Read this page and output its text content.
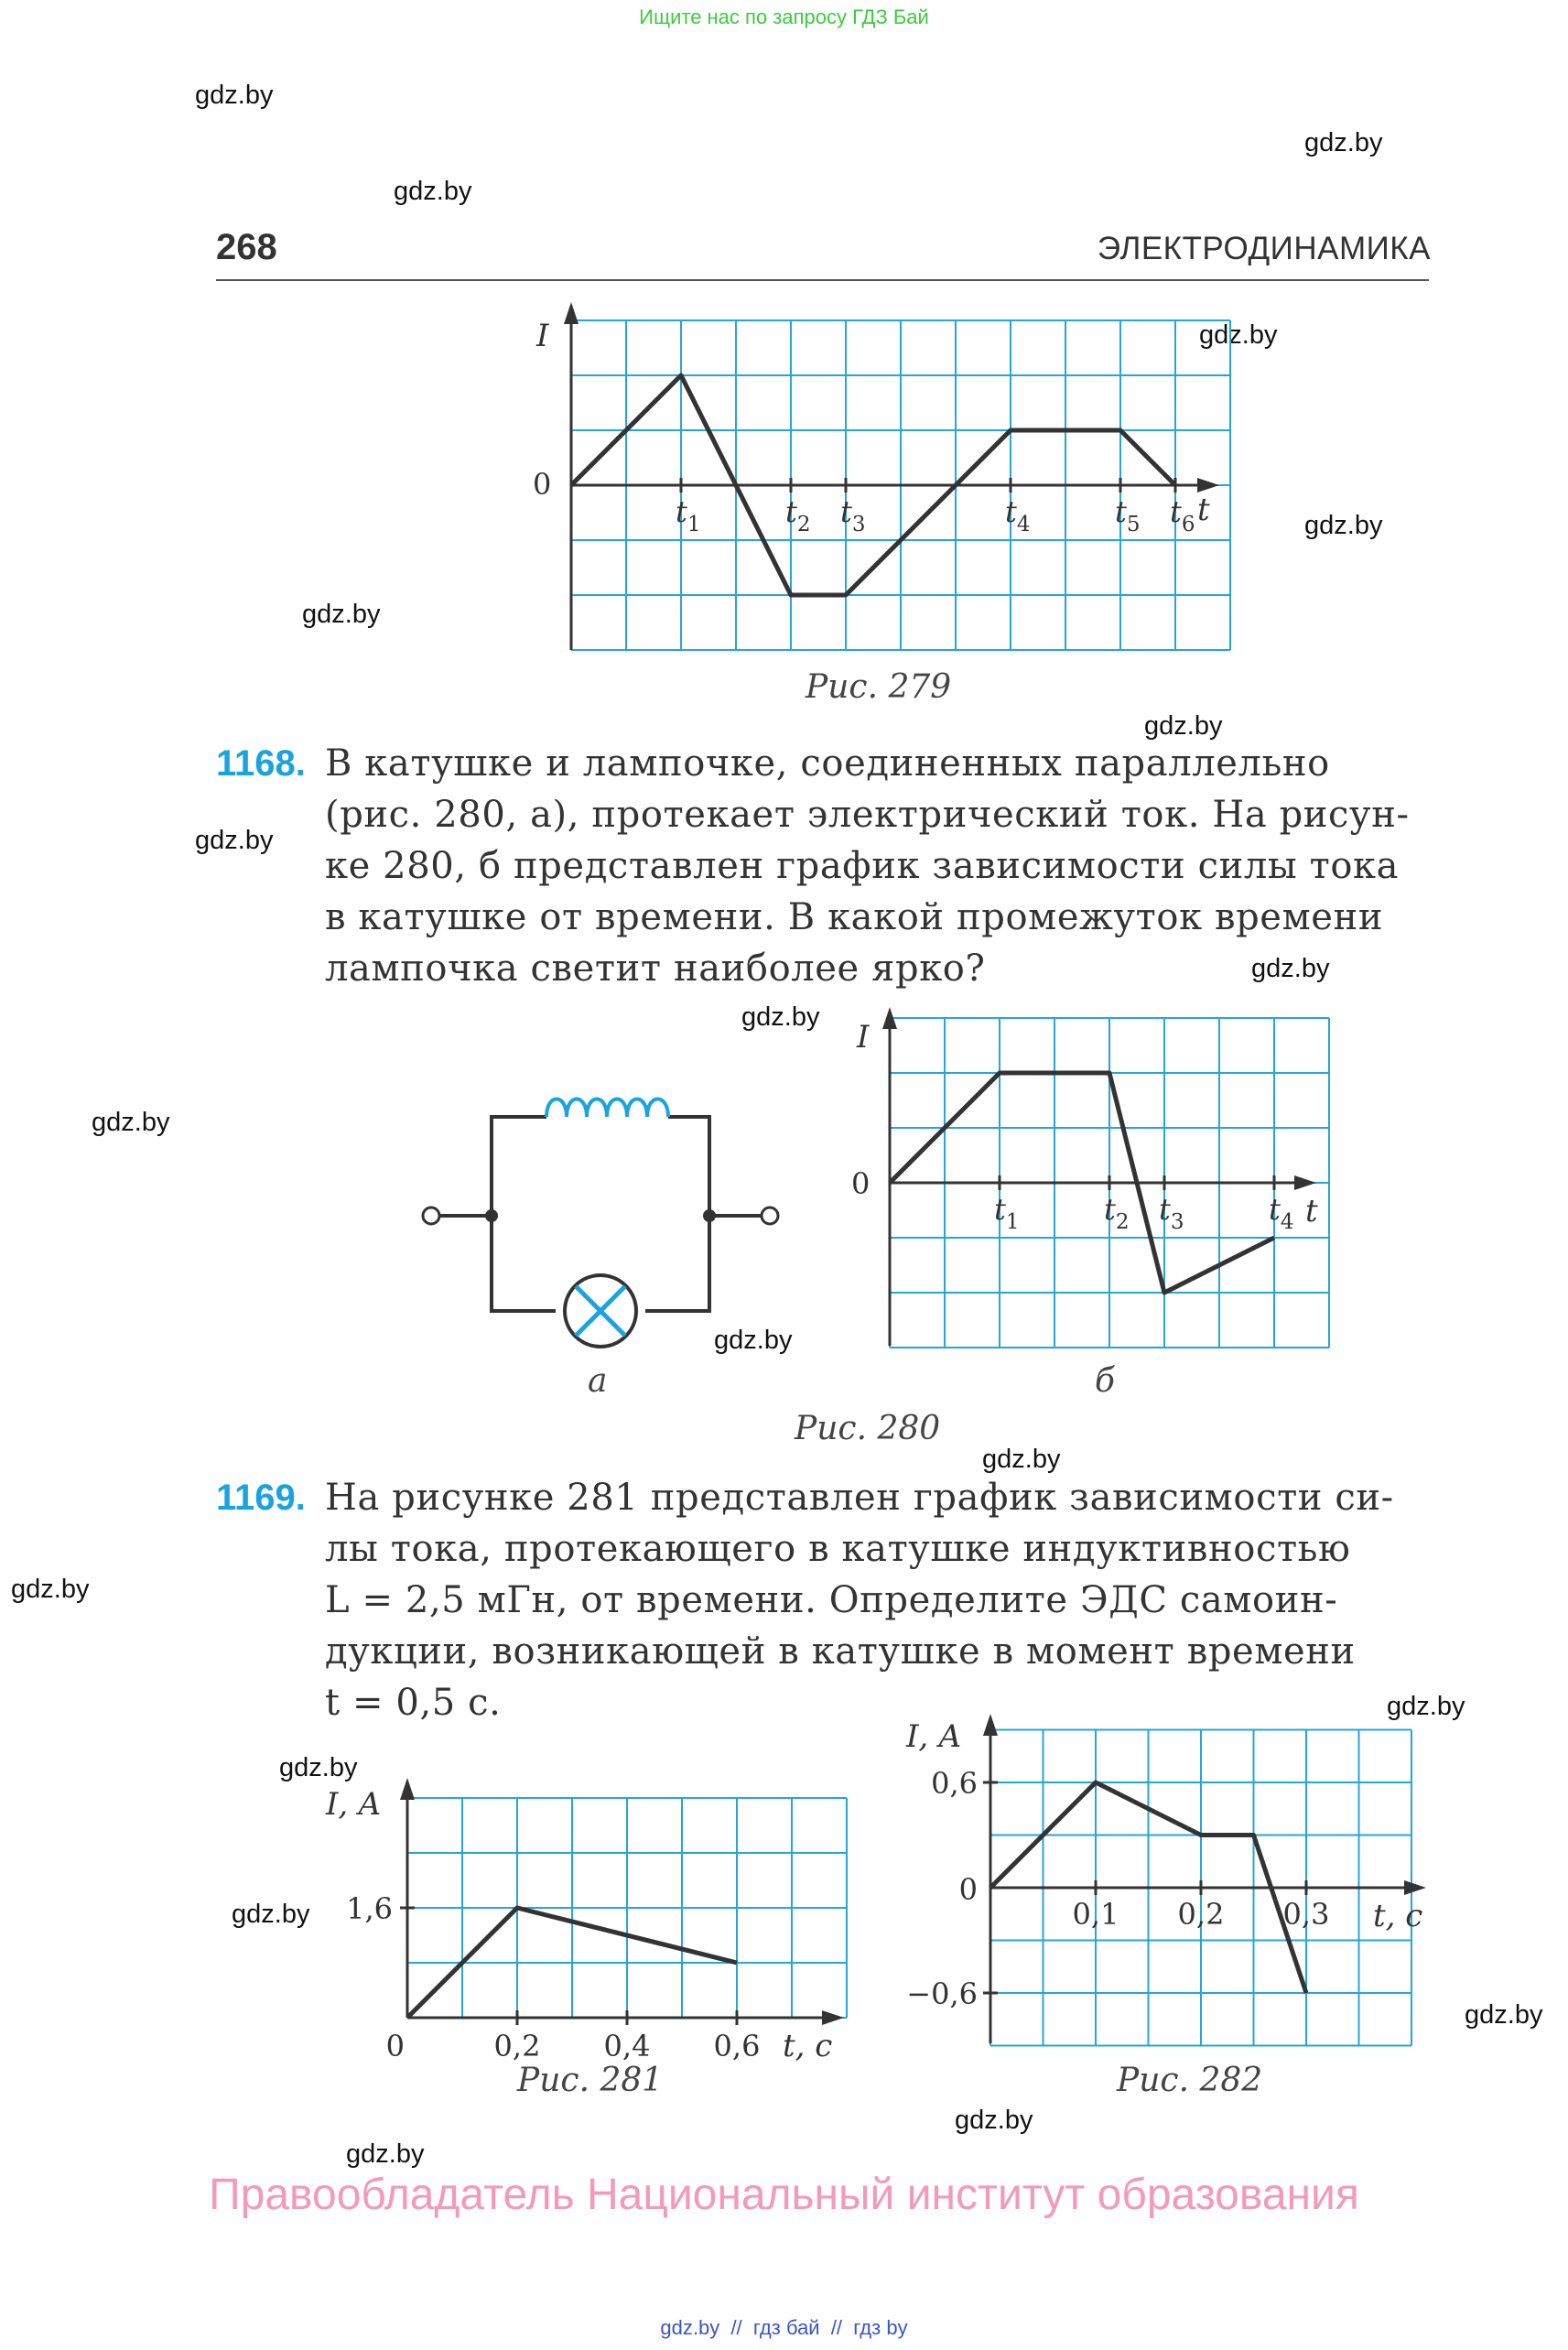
Ищите нас по запросу ГДЗ Бай
gdz.by
gdz.by
gdz.by
gdz.by
gdz.by
gdz.by
gdz.by
gdz.by
gdz.by
gdz.by
gdz.by
gdz.by
gdz.by
gdz.by
gdz.by
gdz.by
gdz.by
gdz.by
gdz.by
gdz.by
268	ЭЛЕКТРОДИНАМИКА
I
0
t
$t_1$	$t_2$ $t_3$	$t_4$	$t_5$ $t_6$
Рис. 279
1168. В катушке и лампочке, соединенных параллельно

(рис. 280, а), протекает электрический ток. На рисун-

ке 280, б представлен график зависимости силы тока

в катушке от времени. В какой промежуток времени

лампочка светит наиболее ярко?

а
I
0
t
$t_1$	$t_2$ $t_3$	$t_4$
б
Рис. 280
1169. На рисунке 281 представлен график зависимости си-

лы тока, протекающего в катушке индуктивностью

L = 2,5 мГн, от времени. Определите ЭДС самоин-

дукции, возникающей в катушке в момент времени

t = 0,5 с.

I, А
0	t, с
0,2 0,4 0,6
1,6
Рис. 281
I, А
0
t, с
0,1 0,2 0,3
0,6
−0,6
Рис. 282
Правообладатель Национальный институт образования
gdz.by  //  гдз бай  //  гдз by
